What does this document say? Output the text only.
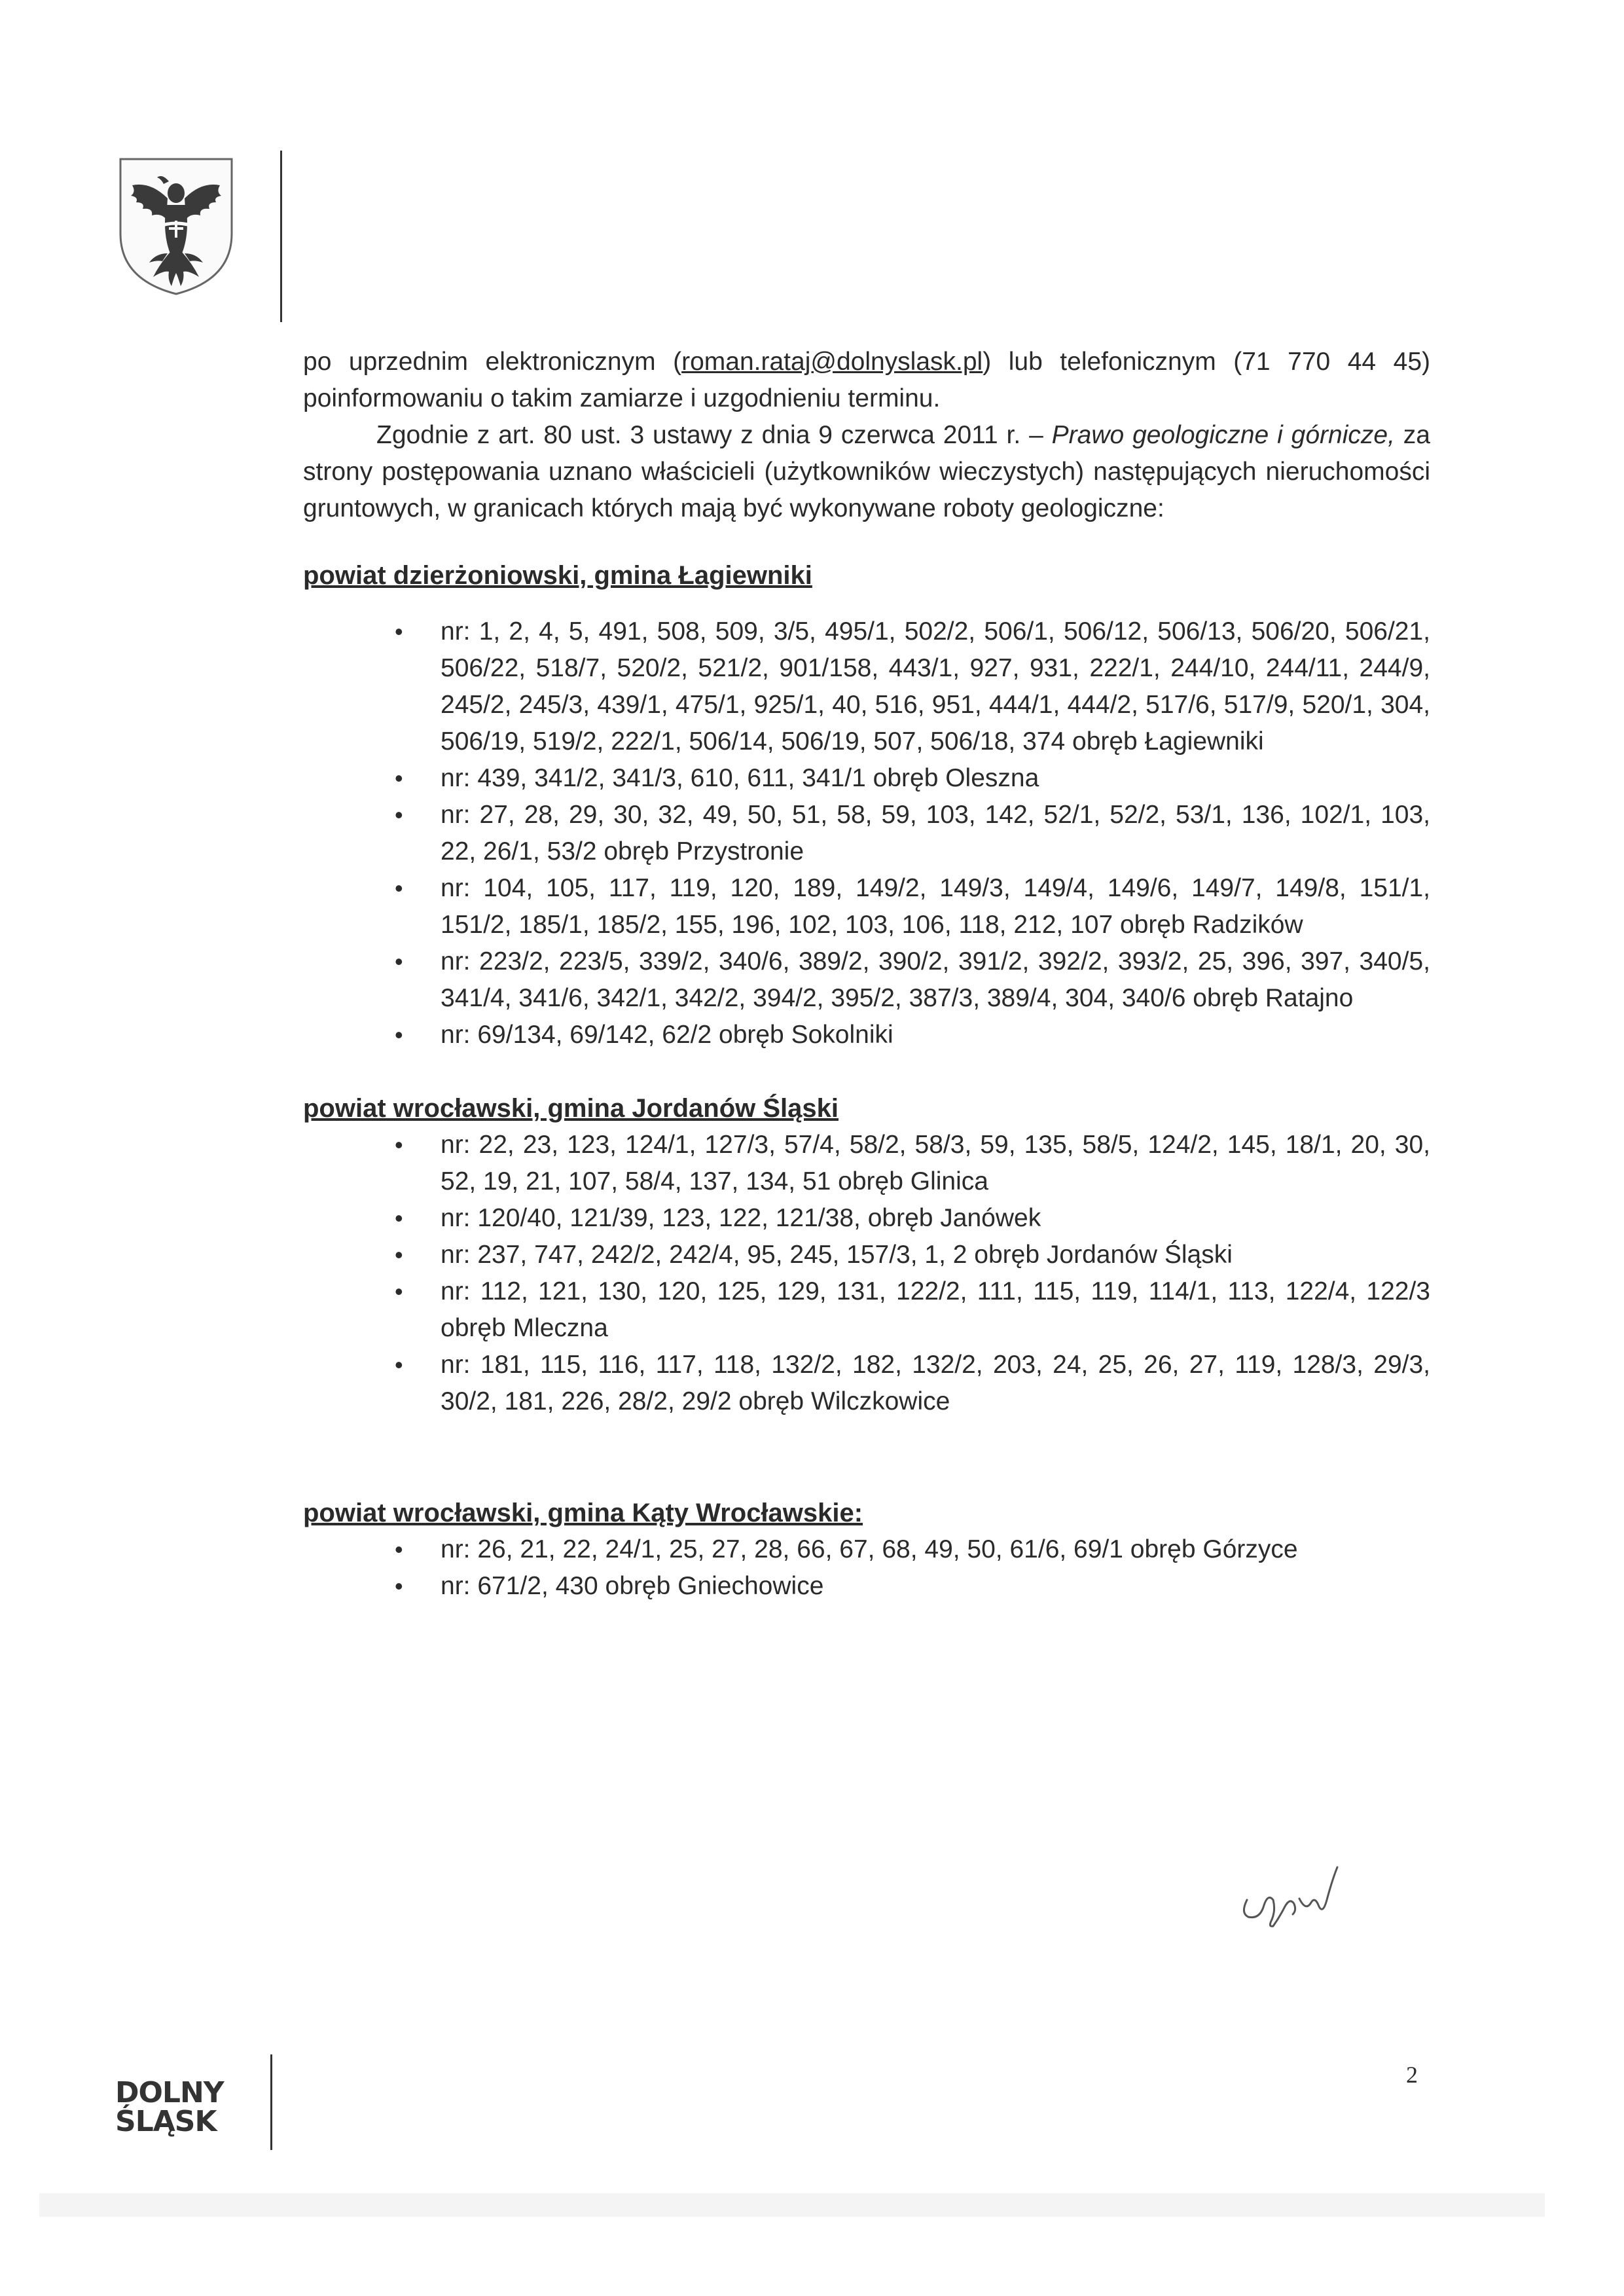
po uprzednim elektronicznym (roman.rataj@dolnyslask.pl) lub telefonicznym (71 770 44 45) poinformowaniu o takim zamiarze i uzgodnieniu terminu.

Zgodnie z art. 80 ust. 3 ustawy z dnia 9 czerwca 2011 r. – Prawo geologiczne i górnicze, za strony postępowania uznano właścicieli (użytkowników wieczystych) następujących nieruchomości gruntowych, w granicach których mają być wykonywane roboty geologiczne:

powiat dzierżoniowski, gmina Łagiewniki

• nr: 1, 2, 4, 5, 491, 508, 509, 3/5, 495/1, 502/2, 506/1, 506/12, 506/13, 506/20, 506/21, 506/22, 518/7, 520/2, 521/2, 901/158, 443/1, 927, 931, 222/1, 244/10, 244/11, 244/9, 245/2, 245/3, 439/1, 475/1, 925/1, 40, 516, 951, 444/1, 444/2, 517/6, 517/9, 520/1, 304, 506/19, 519/2, 222/1, 506/14, 506/19, 507, 506/18, 374 obręb Łagiewniki
• nr: 439, 341/2, 341/3, 610, 611, 341/1 obręb Oleszna
• nr: 27, 28, 29, 30, 32, 49, 50, 51, 58, 59, 103, 142, 52/1, 52/2, 53/1, 136, 102/1, 103, 22, 26/1, 53/2 obręb Przystronie
• nr: 104, 105, 117, 119, 120, 189, 149/2, 149/3, 149/4, 149/6, 149/7, 149/8, 151/1, 151/2, 185/1, 185/2, 155, 196, 102, 103, 106, 118, 212, 107 obręb Radzików
• nr: 223/2, 223/5, 339/2, 340/6, 389/2, 390/2, 391/2, 392/2, 393/2, 25, 396, 397, 340/5, 341/4, 341/6, 342/1, 342/2, 394/2, 395/2, 387/3, 389/4, 304, 340/6 obręb Ratajno
• nr: 69/134, 69/142, 62/2 obręb Sokolniki

powiat wrocławski, gmina Jordanów Śląski

• nr: 22, 23, 123, 124/1, 127/3, 57/4, 58/2, 58/3, 59, 135, 58/5, 124/2, 145, 18/1, 20, 30, 52, 19, 21, 107, 58/4, 137, 134, 51 obręb Glinica
• nr: 120/40, 121/39, 123, 122, 121/38, obręb Janówek
• nr: 237, 747, 242/2, 242/4, 95, 245, 157/3, 1, 2 obręb Jordanów Śląski
• nr: 112, 121, 130, 120, 125, 129, 131, 122/2, 111, 115, 119, 114/1, 113, 122/4, 122/3 obręb Mleczna
• nr: 181, 115, 116, 117, 118, 132/2, 182, 132/2, 203, 24, 25, 26, 27, 119, 128/3, 29/3, 30/2, 181, 226, 28/2, 29/2 obręb Wilczkowice

powiat wrocławski, gmina Kąty Wrocławskie:

• nr: 26, 21, 22, 24/1, 25, 27, 28, 66, 67, 68, 49, 50, 61/6, 69/1 obręb Górzyce
• nr: 671/2, 430 obręb Gniechowice
2
DOLNY
ŚLĄSK
